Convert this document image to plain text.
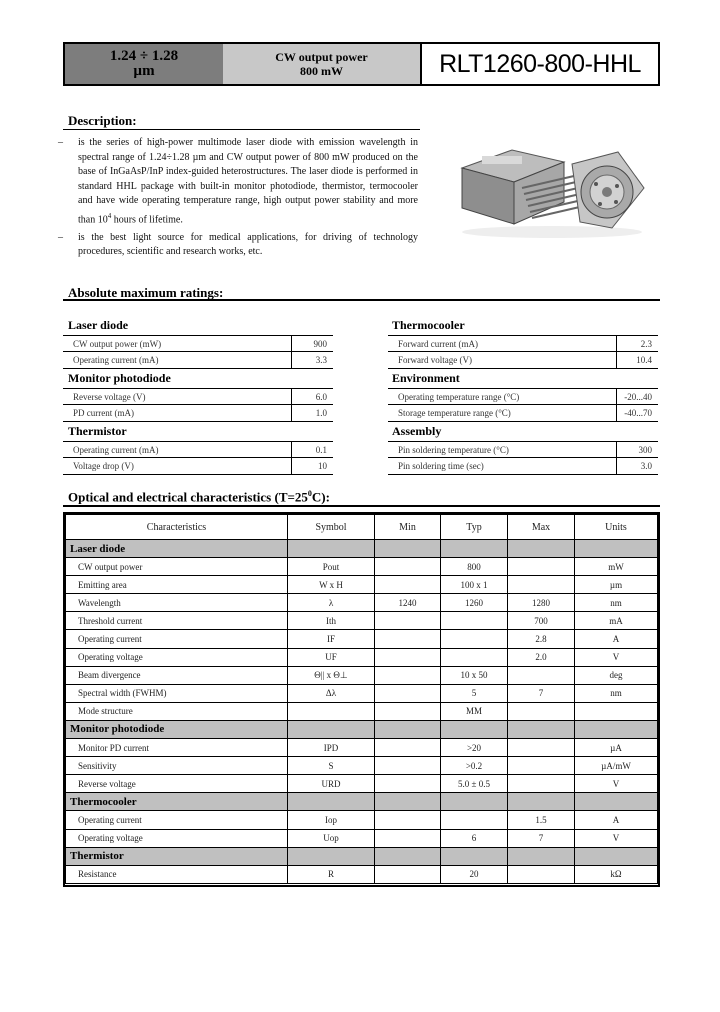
1.24 ÷ 1.28
µm
CW output power
800 mW	RLT1260-800-HHL
Description:

– is the series of high-power multimode laser diode with emission wavelength in spectral range of 1.24÷1.28 µm and CW output power of 800 mW produced on the base of InGaAsP/InP index-guided heterostructures. The laser diode is performed in standard HHL package with built-in monitor photodiode, thermistor, termocooler and have wide operating temperature range, high output power stability and more than $10^4$ hours of lifetime.

– is the best light source for medical applications, for driving of technology procedures, scientific and research works, etc.

Absolute maximum ratings:
Laser diode
CW output power (mW)	900
Operating current (mA)	3.3
Monitor photodiode
Reverse voltage (V)	6.0
PD current (mA)	1.0
Thermistor
Operating current (mA)	0.1
Voltage drop (V)	10
Thermocooler
Forward current (mA)	2.3
Forward voltage (V)	10.4
Environment
Operating temperature range (°C)	-20...40
Storage temperature range (°C)	-40...70
Assembly
Pin soldering temperature (°C)	300
Pin soldering time (sec)	3.0
Optical and electrical characteristics $(T=25^0C)$:
Characteristics	Symbol	Min	Typ	Max	Units
Laser diode					
CW output power	Pout		800		mW
Emitting area	W x H		100 x 1		µm
Wavelength	λ	1240	1260	1280	nm
Threshold current	Ith			700	mA
Operating current	IF			2.8	A
Operating voltage	UF			2.0	V
Beam divergence	Θ|| x Θ⊥		10 x 50		deg
Spectral width (FWHM)	Δλ		5	7	nm
Mode structure			MM		
Monitor photodiode					
Monitor PD current	IPD		>20		µA
Sensitivity	S		>0.2		µA/mW
Reverse voltage	URD		5.0 ± 0.5		V
Thermocooler					
Operating current	Iop			1.5	A
Operating voltage	Uop		6	7	V
Thermistor					
Resistance	R		20		kΩ
